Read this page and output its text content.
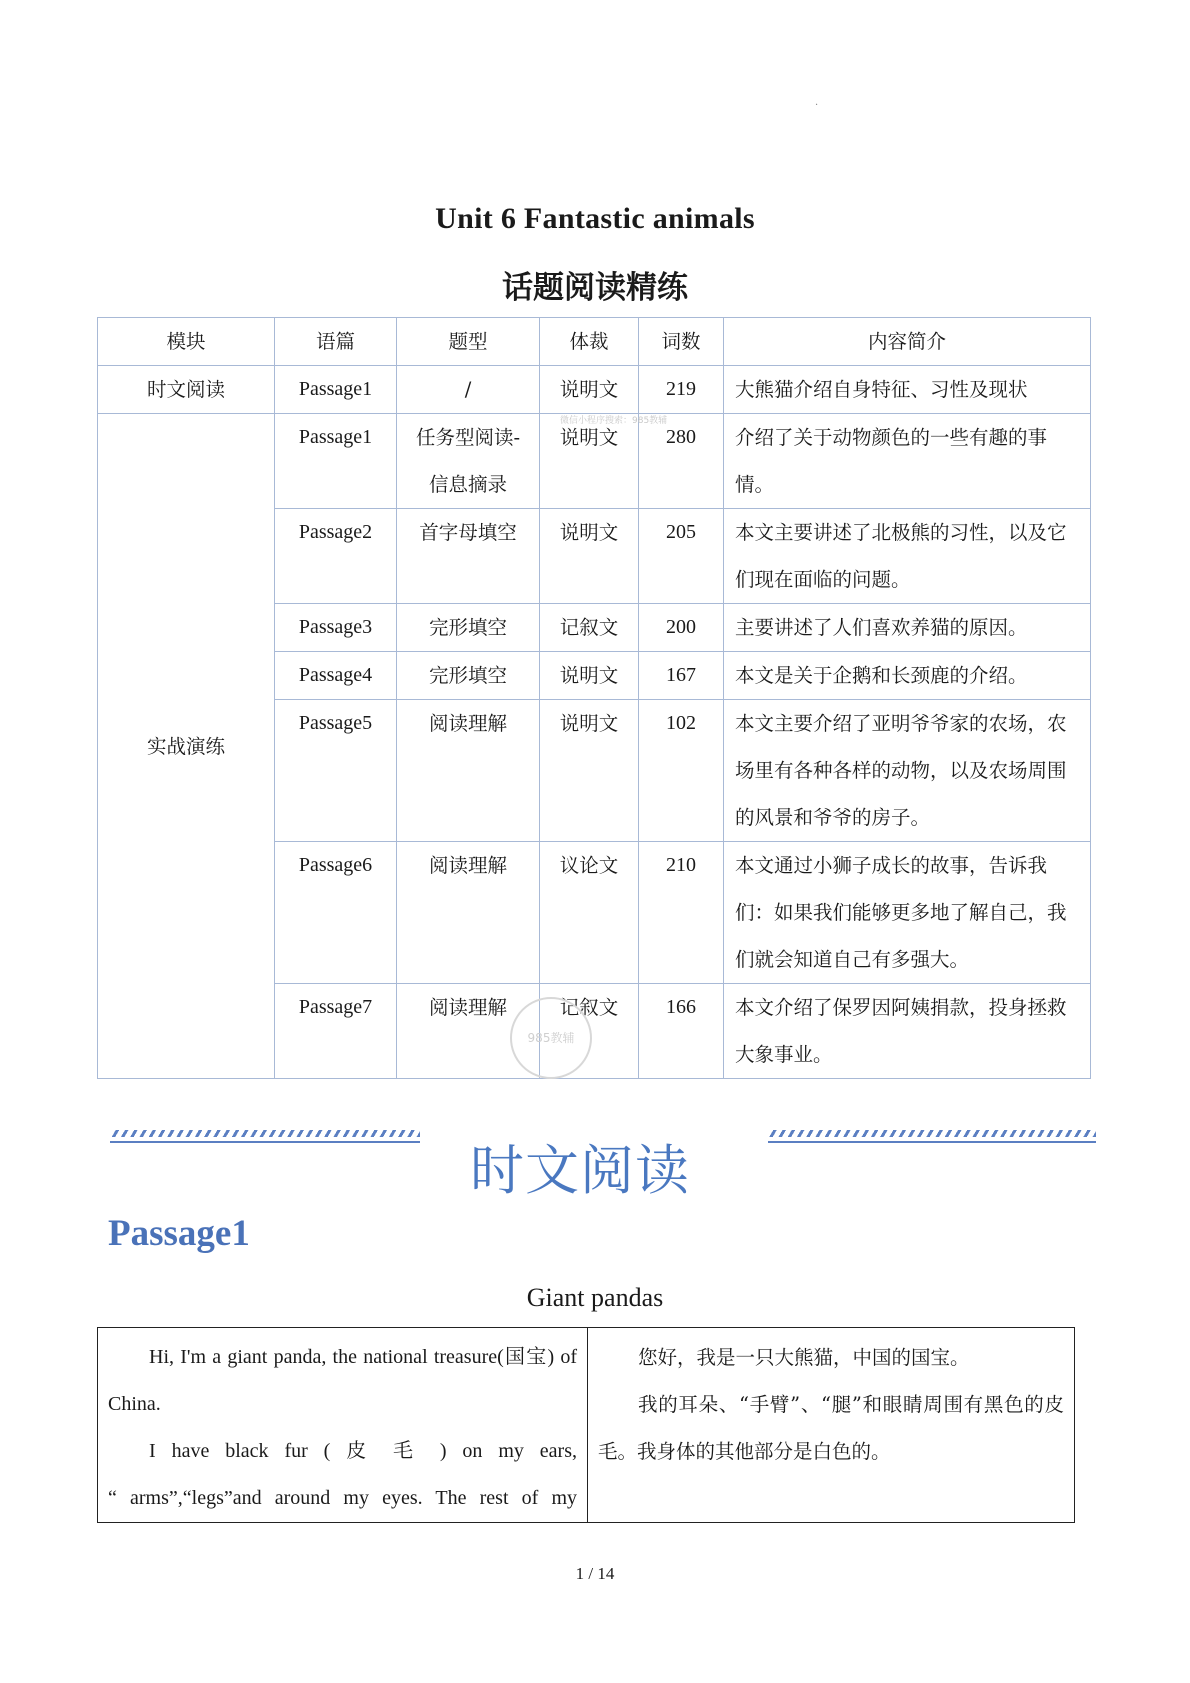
·
Unit 6 Fantastic animals
话题阅读精练
模块	语篇	题型	体裁	词数	内容简介
时文阅读	Passage1	/	说明文	219	大熊猫介绍自身特征、习性及现状
实战演练	Passage1	任务型阅读-信息摘录	说明文	280	介绍了关于动物颜色的一些有趣的事情。
	Passage2	首字母填空	说明文	205	本文主要讲述了北极熊的习性，以及它们现在面临的问题。
	Passage3	完形填空	记叙文	200	主要讲述了人们喜欢养猫的原因。
	Passage4	完形填空	说明文	167	本文是关于企鹅和长颈鹿的介绍。
	Passage5	阅读理解	说明文	102	本文主要介绍了亚明爷爷家的农场，农场里有各种各样的动物，以及农场周围的风景和爷爷的房子。
	Passage6	阅读理解	议论文	210	本文通过小狮子成长的故事，告诉我们：如果我们能够更多地了解自己，我们就会知道自己有多强大。
	Passage7	阅读理解	记叙文	166	本文介绍了保罗因阿姨捐款，投身拯救大象事业。
微信小程序搜索：985教辅
985教辅
时文阅读
Passage1
Giant pandas

Hi, I'm a giant panda, the national treasure(国宝) of China.

I have black fur ( 皮 毛 ) on my ears,

“ arms”,“legs”and around my eyes. The rest of my

您好，我是一只大熊猫，中国的国宝。

我的耳朵、“手臂”、“腿”和眼睛周围有黑色的皮毛。我身体的其他部分是白色的。

1 / 14
